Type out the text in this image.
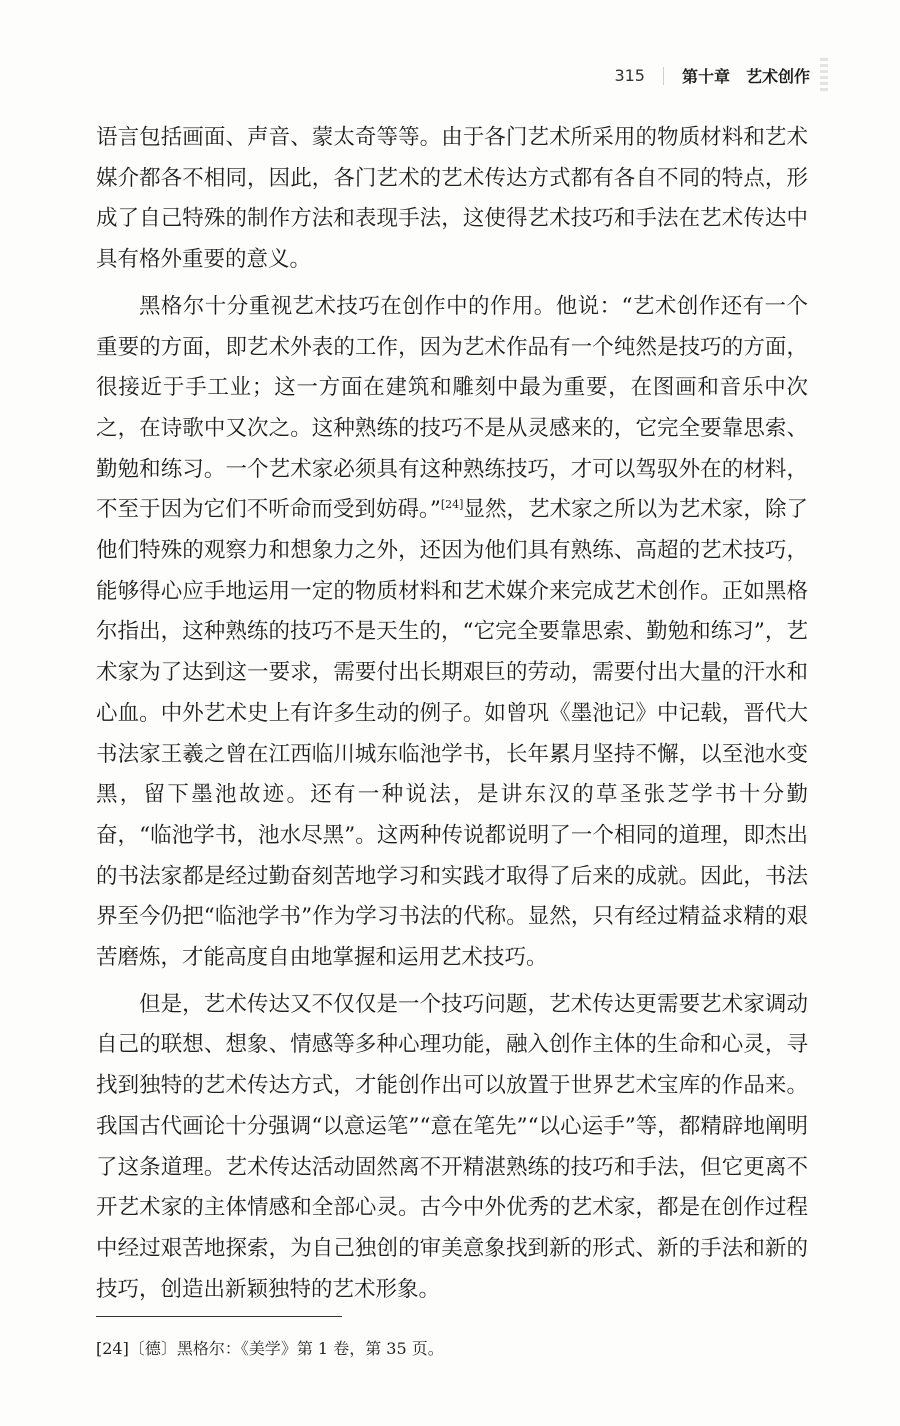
315 第十章　艺术创作

语言包括画面、声音、蒙太奇等等。由于各门艺术所采用的物质材料和艺术媒介都各不相同，因此，各门艺术的艺术传达方式都有各自不同的特点，形成了自己特殊的制作方法和表现手法，这使得艺术技巧和手法在艺术传达中具有格外重要的意义。

黑格尔十分重视艺术技巧在创作中的作用。他说：“艺术创作还有一个重要的方面，即艺术外表的工作，因为艺术作品有一个纯然是技巧的方面，很接近于手工业；这一方面在建筑和雕刻中最为重要，在图画和音乐中次之，在诗歌中又次之。这种熟练的技巧不是从灵感来的，它完全要靠思索、勤勉和练习。一个艺术家必须具有这种熟练技巧，才可以驾驭外在的材料，不至于因为它们不听命而受到妨碍。”[24]显然，艺术家之所以为艺术家，除了他们特殊的观察力和想象力之外，还因为他们具有熟练、高超的艺术技巧，能够得心应手地运用一定的物质材料和艺术媒介来完成艺术创作。正如黑格尔指出，这种熟练的技巧不是天生的，“它完全要靠思索、勤勉和练习”，艺术家为了达到这一要求，需要付出长期艰巨的劳动，需要付出大量的汗水和心血。中外艺术史上有许多生动的例子。如曾巩《墨池记》中记载，晋代大书法家王羲之曾在江西临川城东临池学书，长年累月坚持不懈，以至池水变黑，留下墨池故迹。还有一种说法，是讲东汉的草圣张芝学书十分勤奋，“临池学书，池水尽黑”。这两种传说都说明了一个相同的道理，即杰出的书法家都是经过勤奋刻苦地学习和实践才取得了后来的成就。因此，书法界至今仍把“临池学书”作为学习书法的代称。显然，只有经过精益求精的艰苦磨炼，才能高度自由地掌握和运用艺术技巧。

但是，艺术传达又不仅仅是一个技巧问题，艺术传达更需要艺术家调动自己的联想、想象、情感等多种心理功能，融入创作主体的生命和心灵，寻找到独特的艺术传达方式，才能创作出可以放置于世界艺术宝库的作品来。我国古代画论十分强调“以意运笔”“意在笔先”“以心运手”等，都精辟地阐明了这条道理。艺术传达活动固然离不开精湛熟练的技巧和手法，但它更离不开艺术家的主体情感和全部心灵。古今中外优秀的艺术家，都是在创作过程中经过艰苦地探索，为自己独创的审美意象找到新的形式、新的手法和新的技巧，创造出新颖独特的艺术形象。

[24]〔德〕黑格尔：《美学》第 1 卷，第 35 页。
